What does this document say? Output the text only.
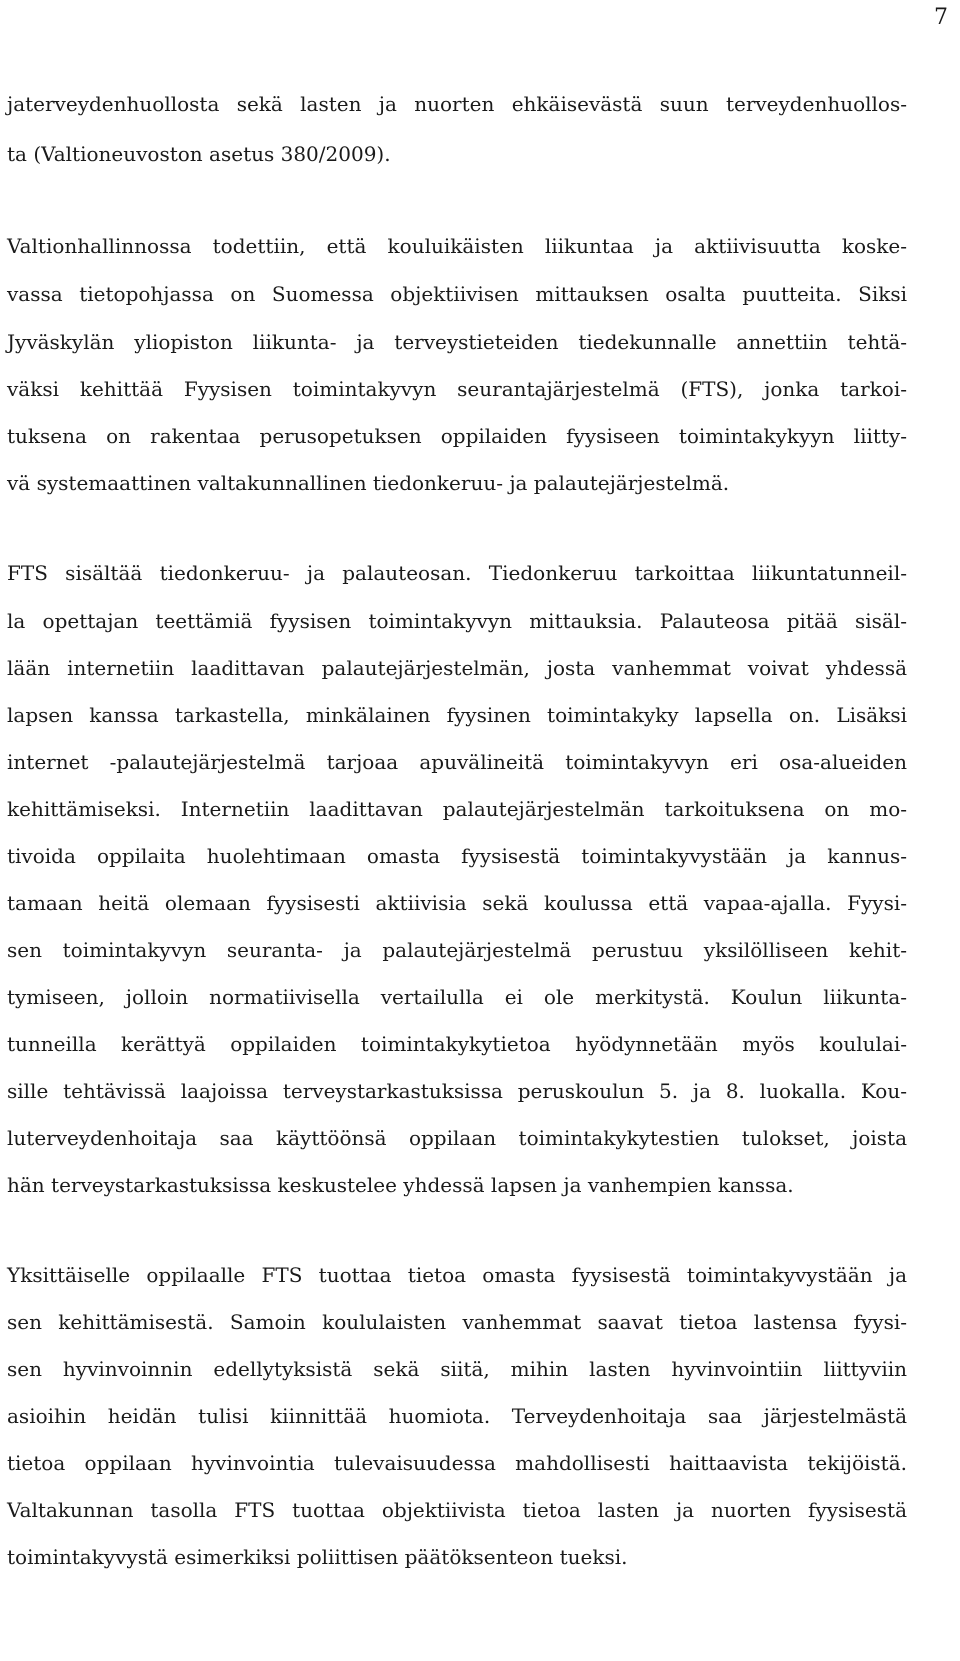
7
jaterveydenhuollosta sekä lasten ja nuorten ehkäisevästä suun terveydenhuollos-
ta (Valtioneuvoston asetus 380/2009).
Valtionhallinnossa todettiin, että kouluikäisten liikuntaa ja aktiivisuutta koske-
vassa tietopohjassa on Suomessa objektiivisen mittauksen osalta puutteita. Siksi
Jyväskylän yliopiston liikunta- ja terveystieteiden tiedekunnalle annettiin tehtä-
väksi kehittää Fyysisen toimintakyvyn seurantajärjestelmä (FTS), jonka tarkoi-
tuksena on rakentaa perusopetuksen oppilaiden fyysiseen toimintakykyyn liitty-
vä systemaattinen valtakunnallinen tiedonkeruu- ja palautejärjestelmä.
FTS sisältää tiedonkeruu- ja palauteosan. Tiedonkeruu tarkoittaa liikuntatunneil-
la opettajan teettämiä fyysisen toimintakyvyn mittauksia. Palauteosa pitää sisäl-
lään internetiin laadittavan palautejärjestelmän, josta vanhemmat voivat yhdessä
lapsen kanssa tarkastella, minkälainen fyysinen toimintakyky lapsella on. Lisäksi
internet -palautejärjestelmä tarjoaa apuvälineitä toimintakyvyn eri osa-alueiden
kehittämiseksi. Internetiin laadittavan palautejärjestelmän tarkoituksena on mo-
tivoida oppilaita huolehtimaan omasta fyysisestä toimintakyvystään ja kannus-
tamaan heitä olemaan fyysisesti aktiivisia sekä koulussa että vapaa-ajalla. Fyysi-
sen toimintakyvyn seuranta- ja palautejärjestelmä perustuu yksilölliseen kehit-
tymiseen, jolloin normatiivisella vertailulla ei ole merkitystä. Koulun liikunta-
tunneilla kerättyä oppilaiden toimintakykytietoa hyödynnetään myös koululai-
sille tehtävissä laajoissa terveystarkastuksissa peruskoulun 5. ja 8. luokalla. Kou-
luterveydenhoitaja saa käyttöönsä oppilaan toimintakykytestien tulokset, joista
hän terveystarkastuksissa keskustelee yhdessä lapsen ja vanhempien kanssa.
Yksittäiselle oppilaalle FTS tuottaa tietoa omasta fyysisestä toimintakyvystään ja
sen kehittämisestä. Samoin koululaisten vanhemmat saavat tietoa lastensa fyysi-
sen hyvinvoinnin edellytyksistä sekä siitä, mihin lasten hyvinvointiin liittyviin
asioihin heidän tulisi kiinnittää huomiota. Terveydenhoitaja saa järjestelmästä
tietoa oppilaan hyvinvointia tulevaisuudessa mahdollisesti haittaavista tekijöistä.
Valtakunnan tasolla FTS tuottaa objektiivista tietoa lasten ja nuorten fyysisestä
toimintakyvystä esimerkiksi poliittisen päätöksenteon tueksi.
